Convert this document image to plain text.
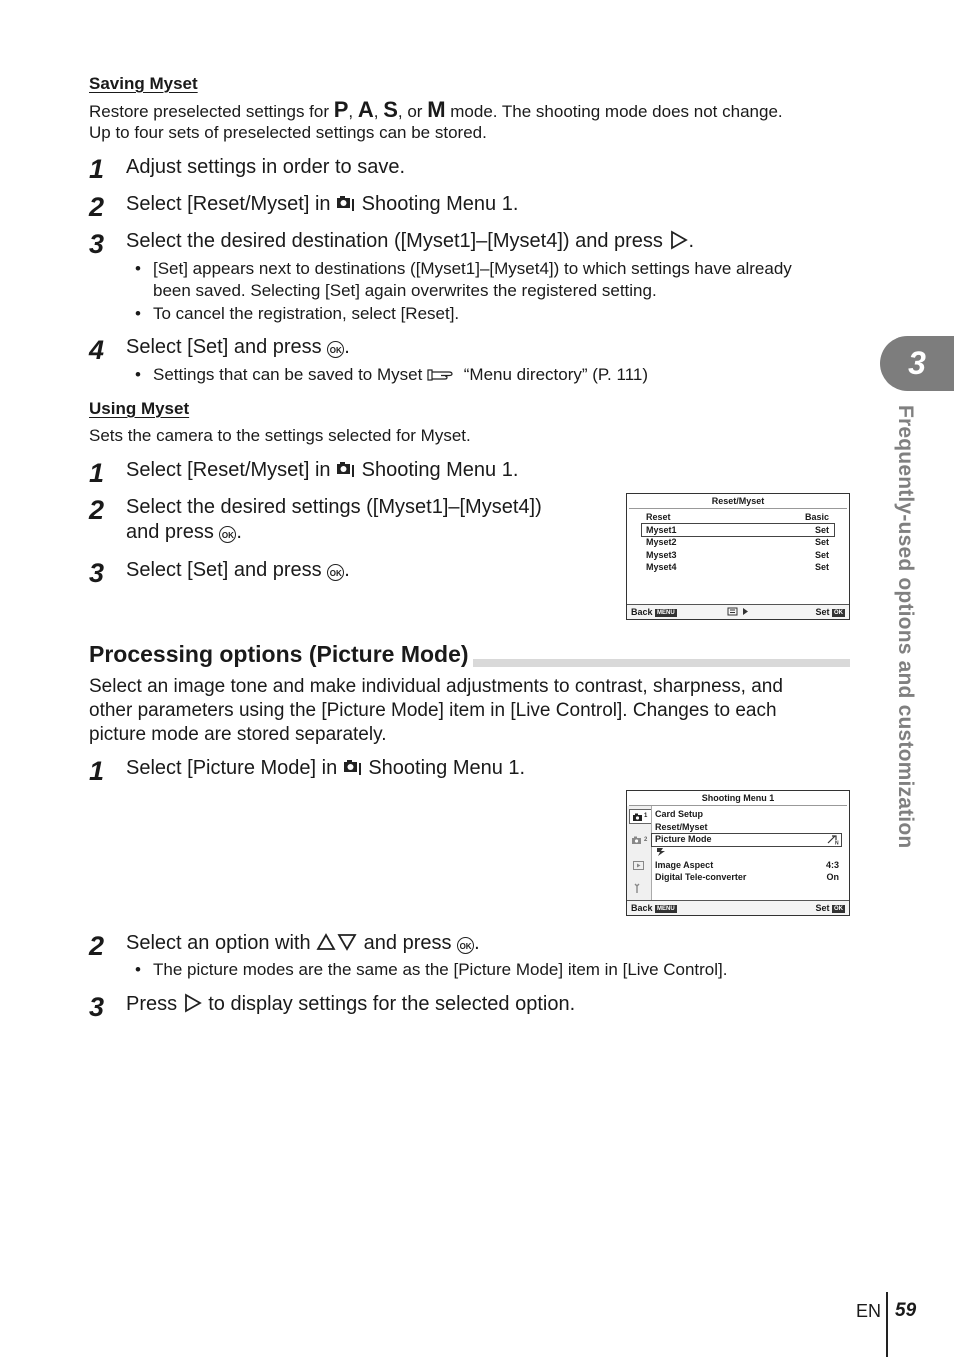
Saving Myset
Restore preselected settings for P, A, S, or M mode. The shooting mode does not change.
Up to four sets of preselected settings can be stored.
1 Adjust settings in order to save.
2 Select [Reset/Myset] in  Shooting Menu 1.
3 Select the desired destination ([Myset1]–[Myset4]) and press .
• [Set] appears next to destinations ([Myset1]–[Myset4]) to which settings have already
been saved. Selecting [Set] again overwrites the registered setting.
• To cancel the registration, select [Reset].
4 Select [Set] and press OK .
• Settings that can be saved to Myset  “Menu directory” (P. 111)
Using Myset
Sets the camera to the settings selected for Myset.
1 Select [Reset/Myset] in  Shooting Menu 1.
2 Select the desired settings ([Myset1]–[Myset4])
and press OK .
3 Select [Set] and press OK .
Reset/Myset
Reset	Basic
Myset1	Set
Myset2	Set
Myset3	Set
Myset4	Set
Back MENU	Set OK
Processing options (Picture Mode)
Select an image tone and make individual adjustments to contrast, sharpness, and
other parameters using the [Picture Mode] item in [Live Control]. Changes to each
picture mode are stored separately.
1 Select [Picture Mode] in  Shooting Menu 1.
Shooting Menu 1
1
2
Card Setup
Reset/Myset
Picture Mode	N
Image Aspect	4:3
Digital Tele-converter	On
Back MENU	Set OK
2 Select an option with  and press OK .
• The picture modes are the same as the [Picture Mode] item in [Live Control].
3 Press  to display settings for the selected option.
3
Frequently-used options and customization
EN 59
